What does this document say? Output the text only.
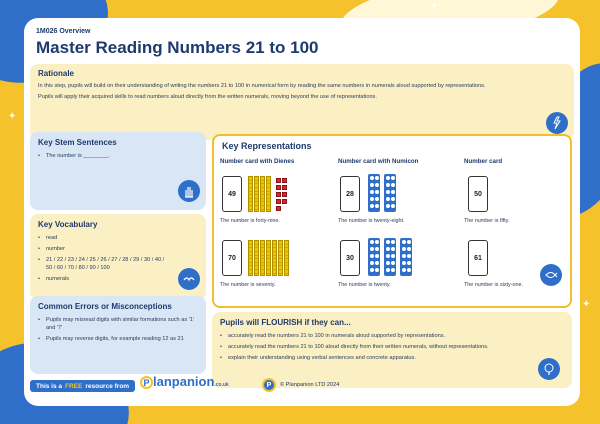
✦
✦
✦
1M026 Overview
Master Reading Numbers 21 to 100
Rationale

In this step, pupils will build on their understanding of writing the numbers 21 to 100 in numerical form by reading the same numbers in numerals aloud supported by representations.

Pupils will apply their acquired skills to read numbers aloud directly from the written numerals, moving beyond the use of representations.

Key Stem Sentences
• The number is ________.
Key Vocabulary
• read
• number
• 21 / 22 / 23 / 24 / 25 / 26 / 27 / 28 / 29 / 30 / 40 / 50 / 60 / 70 / 80 / 90 / 100
• numerals
Common Errors or Misconceptions
• Pupils may misread digits with similar formations such as '1' and '7'
• Pupils may reverse digits, for example reading 12 as 21
Key Representations
Number card with Dienes	Number card with Numicon	Number card
49
The number is forty-nine.
28
The number is twenty-eight.
50
The number is fifty.
70
The number is seventy.
30
The number is twenty.
61
The number is sixty-one.
Pupils will FLOURISH if they can...
• accurately read the numbers 21 to 100 in numerals aloud supported by representations.
• accurately read the numbers 21 to 100 aloud directly from their written numerals, without representations.
• explain their understanding using verbal sentences and concrete apparatus.
This is a FREE resource from	P lanpanion.co.uk	P	© Planpanion LTD 2024
